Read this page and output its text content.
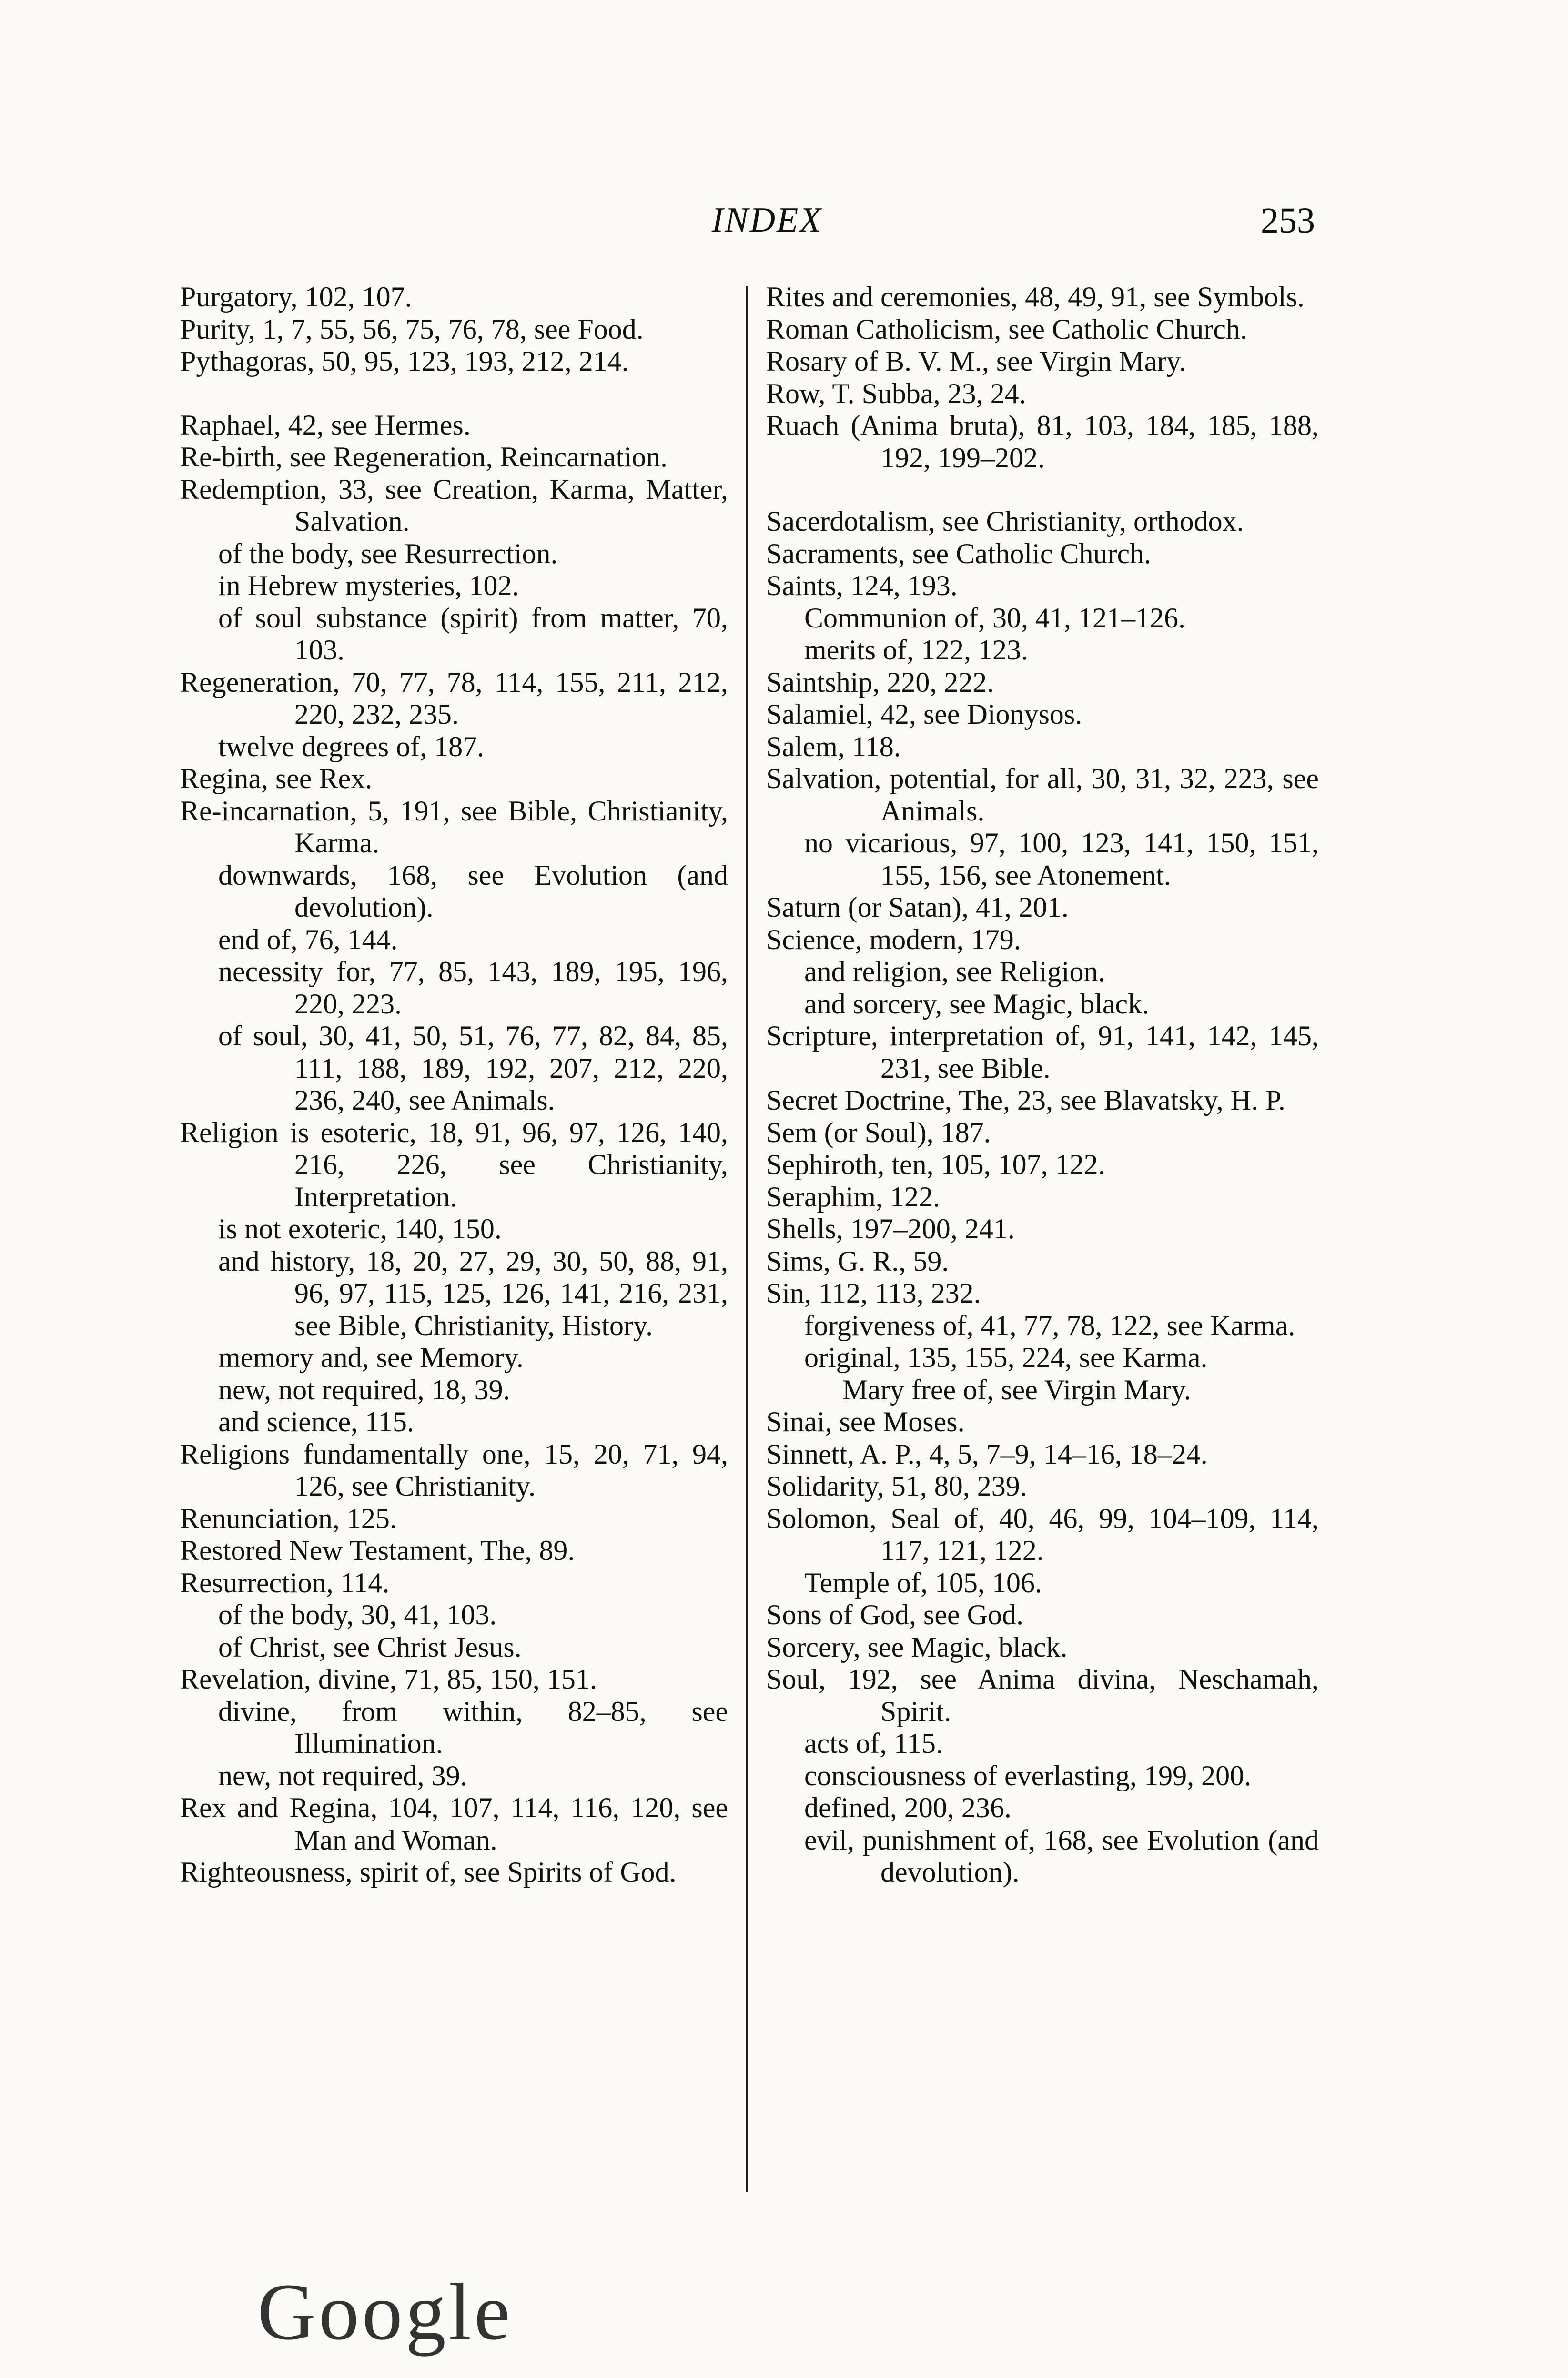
INDEX	253
Purgatory, 102, 107.
Purity, 1, 7, 55, 56, 75, 76, 78, see Food.
Pythagoras, 50, 95, 123, 193, 212, 214.
Raphael, 42, see Hermes.
Re-birth, see Regeneration, Reincarnation.
Redemption, 33, see Creation, Karma, Matter, Salvation.
of the body, see Resurrection.
in Hebrew mysteries, 102.
of soul substance (spirit) from matter, 70, 103.
Regeneration, 70, 77, 78, 114, 155, 211, 212, 220, 232, 235.
twelve degrees of, 187.
Regina, see Rex.
Re-incarnation, 5, 191, see Bible, Christianity, Karma.
downwards, 168, see Evolution (and devolution).
end of, 76, 144.
necessity for, 77, 85, 143, 189, 195, 196, 220, 223.
of soul, 30, 41, 50, 51, 76, 77, 82, 84, 85, 111, 188, 189, 192, 207, 212, 220, 236, 240, see Animals.
Religion is esoteric, 18, 91, 96, 97, 126, 140, 216, 226, see Christianity, Interpretation.
is not exoteric, 140, 150.
and history, 18, 20, 27, 29, 30, 50, 88, 91, 96, 97, 115, 125, 126, 141, 216, 231, see Bible, Christianity, History.
memory and, see Memory.
new, not required, 18, 39.
and science, 115.
Religions fundamentally one, 15, 20, 71, 94, 126, see Christianity.
Renunciation, 125.
Restored New Testament, The, 89.
Resurrection, 114.
of the body, 30, 41, 103.
of Christ, see Christ Jesus.
Revelation, divine, 71, 85, 150, 151.
divine, from within, 82–85, see Illumination.
new, not required, 39.
Rex and Regina, 104, 107, 114, 116, 120, see Man and Woman.
Righteousness, spirit of, see Spirits of God.
Rites and ceremonies, 48, 49, 91, see Symbols.
Roman Catholicism, see Catholic Church.
Rosary of B. V. M., see Virgin Mary.
Row, T. Subba, 23, 24.
Ruach (Anima bruta), 81, 103, 184, 185, 188, 192, 199–202.
Sacerdotalism, see Christianity, orthodox.
Sacraments, see Catholic Church.
Saints, 124, 193.
Communion of, 30, 41, 121–126.
merits of, 122, 123.
Saintship, 220, 222.
Salamiel, 42, see Dionysos.
Salem, 118.
Salvation, potential, for all, 30, 31, 32, 223, see Animals.
no vicarious, 97, 100, 123, 141, 150, 151, 155, 156, see Atonement.
Saturn (or Satan), 41, 201.
Science, modern, 179.
and religion, see Religion.
and sorcery, see Magic, black.
Scripture, interpretation of, 91, 141, 142, 145, 231, see Bible.
Secret Doctrine, The, 23, see Blavatsky, H. P.
Sem (or Soul), 187.
Sephiroth, ten, 105, 107, 122.
Seraphim, 122.
Shells, 197–200, 241.
Sims, G. R., 59.
Sin, 112, 113, 232.
forgiveness of, 41, 77, 78, 122, see Karma.
original, 135, 155, 224, see Karma.
Mary free of, see Virgin Mary.
Sinai, see Moses.
Sinnett, A. P., 4, 5, 7–9, 14–16, 18–24.
Solidarity, 51, 80, 239.
Solomon, Seal of, 40, 46, 99, 104–109, 114, 117, 121, 122.
Temple of, 105, 106.
Sons of God, see God.
Sorcery, see Magic, black.
Soul, 192, see Anima divina, Neschamah, Spirit.
acts of, 115.
consciousness of everlasting, 199, 200.
defined, 200, 236.
evil, punishment of, 168, see Evolution (and devolution).
Google
